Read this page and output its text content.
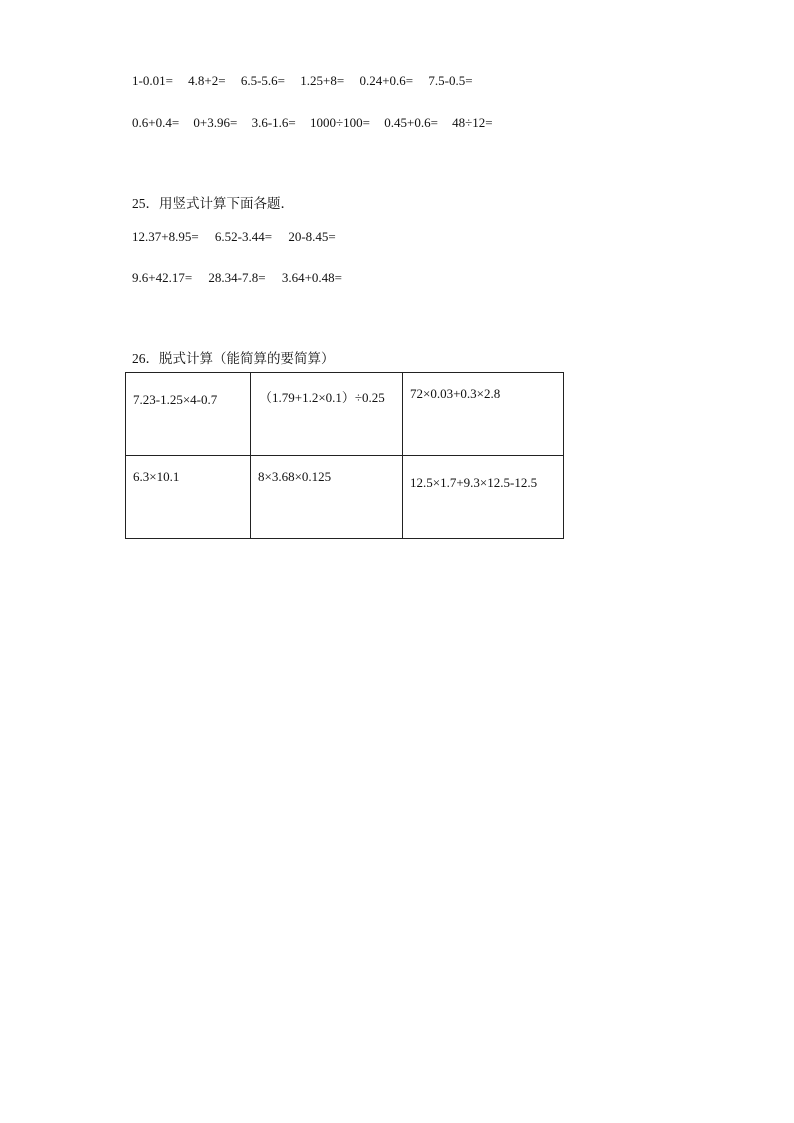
1-0.01= 4.8+2= 6.5-5.6= 1.25+8= 0.24+0.6= 7.5-0.5=
0.6+0.4= 0+3.96= 3.6-1.6= 1000÷100= 0.45+0.6= 48÷12=
25．用竖式计算下面各题．
12.37+8.95= 6.52-3.44= 20-8.45=
9.6+42.17= 28.34-7.8= 3.64+0.48=
26．脱式计算（能简算的要简算）
7.23-1.25×4-0.7	（1.79+1.2×0.1）÷0.25	72×0.03+0.3×2.8

6.3×10.1	8×3.68×0.125	12.5×1.7+9.3×12.5-12.5
